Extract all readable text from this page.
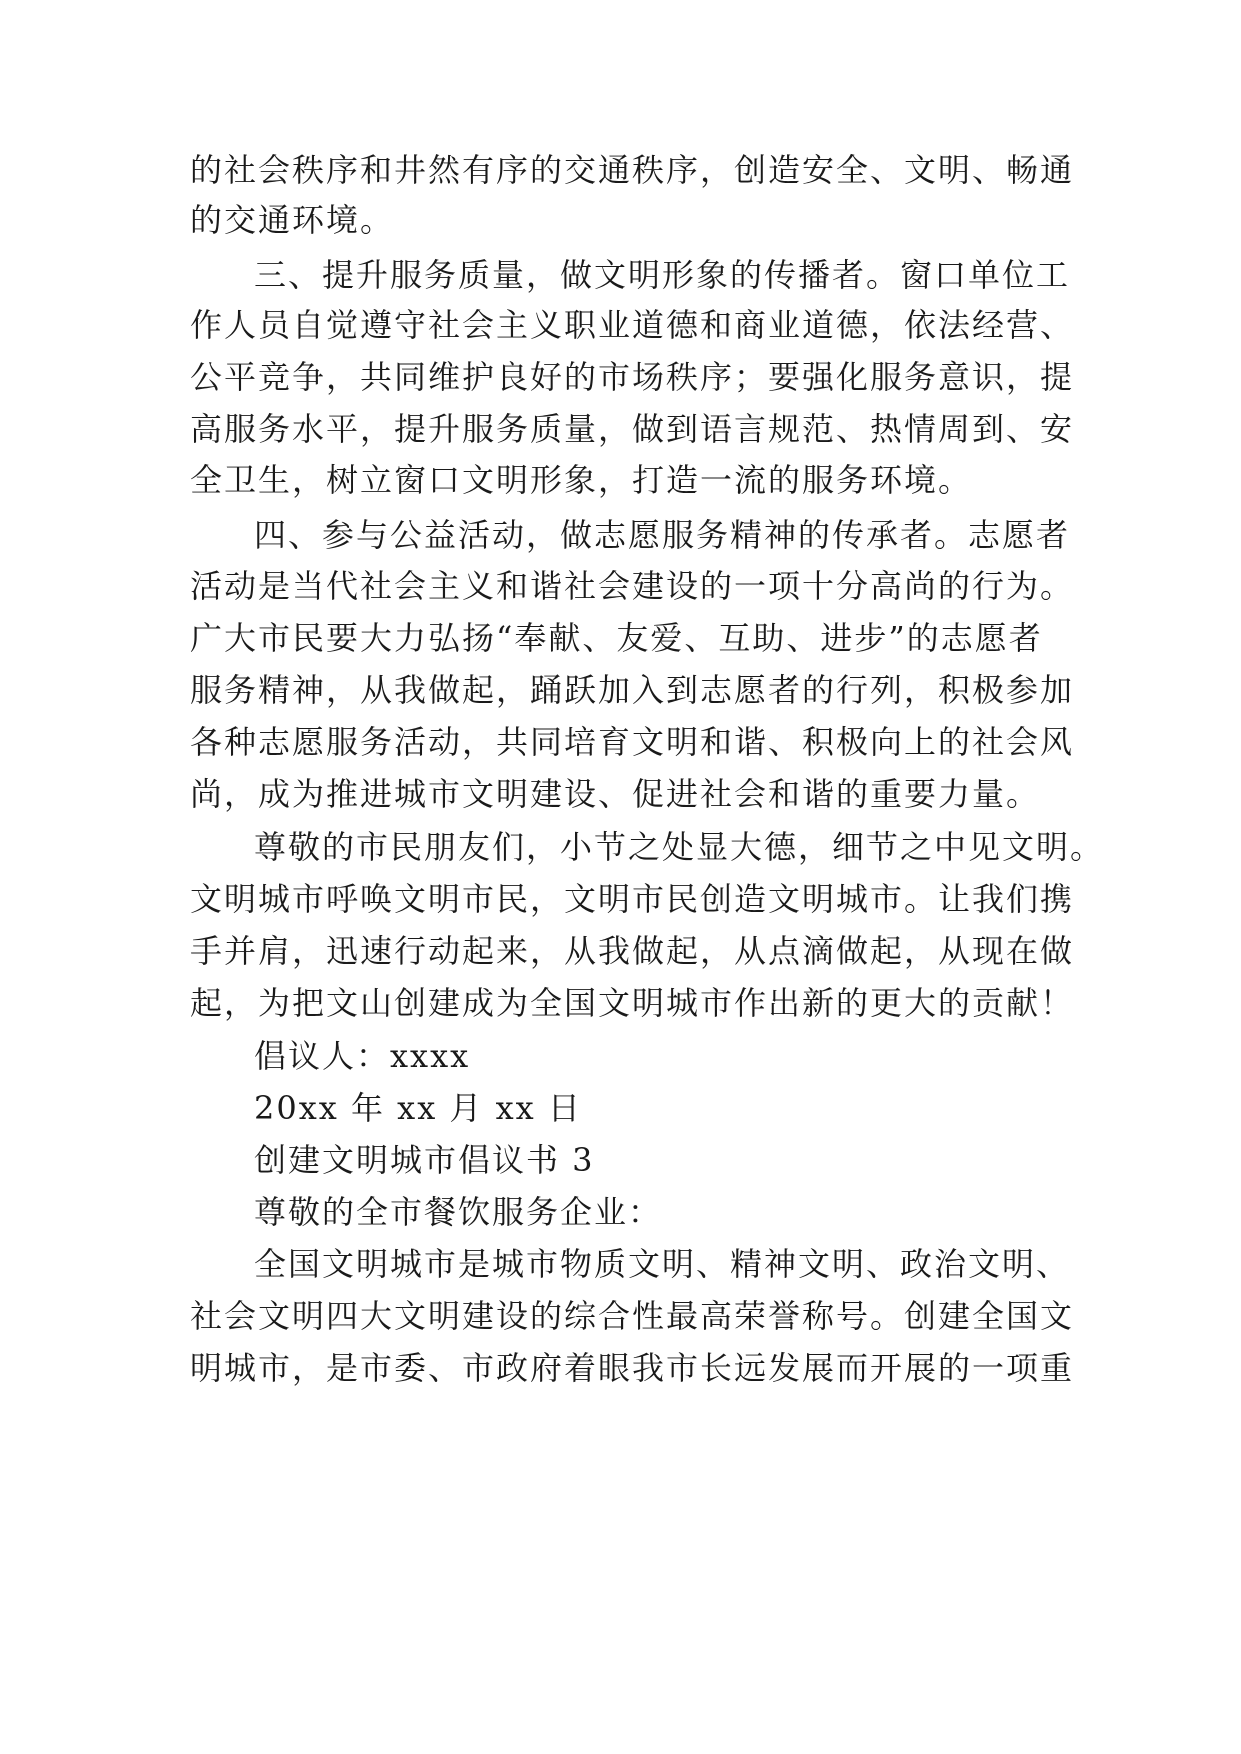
的社会秩序和井然有序的交通秩序，创造安全、文明、畅通
的交通环境。
三、提升服务质量，做文明形象的传播者。窗口单位工
作人员自觉遵守社会主义职业道德和商业道德，依法经营、
公平竞争，共同维护良好的市场秩序；要强化服务意识，提
高服务水平，提升服务质量，做到语言规范、热情周到、安
全卫生，树立窗口文明形象，打造一流的服务环境。
四、参与公益活动，做志愿服务精神的传承者。志愿者
活动是当代社会主义和谐社会建设的一项十分高尚的行为。
广大市民要大力弘扬“奉献、友爱、互助、进步”的志愿者
服务精神，从我做起，踊跃加入到志愿者的行列，积极参加
各种志愿服务活动，共同培育文明和谐、积极向上的社会风
尚，成为推进城市文明建设、促进社会和谐的重要力量。
尊敬的市民朋友们，小节之处显大德，细节之中见文明。
文明城市呼唤文明市民，文明市民创造文明城市。让我们携
手并肩，迅速行动起来，从我做起，从点滴做起，从现在做
起，为把文山创建成为全国文明城市作出新的更大的贡献！
倡议人：xxxx
20xx 年 xx 月 xx 日
创建文明城市倡议书 3
尊敬的全市餐饮服务企业：
全国文明城市是城市物质文明、精神文明、政治文明、
社会文明四大文明建设的综合性最高荣誉称号。创建全国文
明城市，是市委、市政府着眼我市长远发展而开展的一项重
